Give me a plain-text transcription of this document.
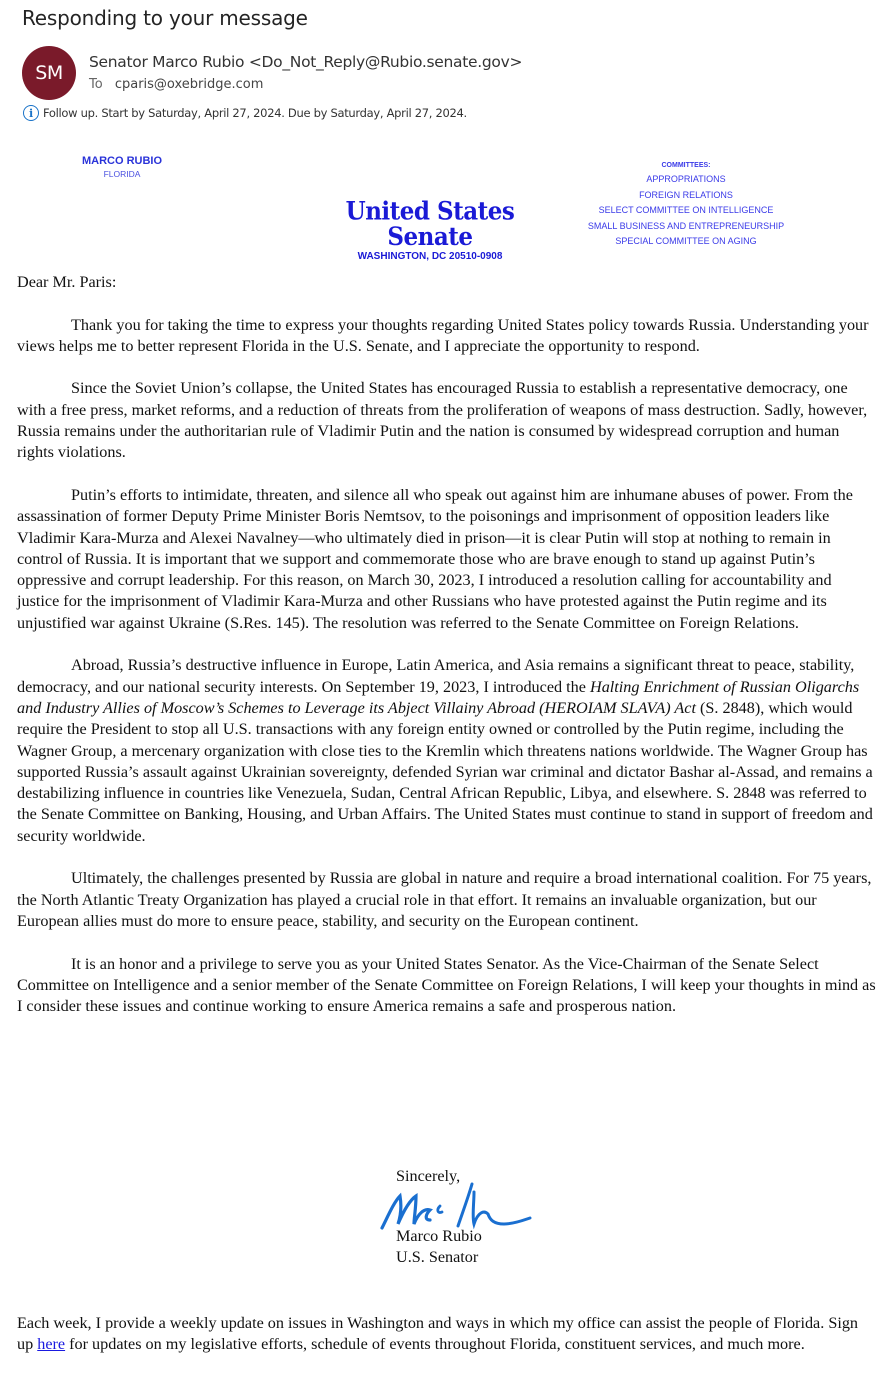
Responding to your message
SM Senator Marco Rubio <Do_Not_Reply@Rubio.senate.gov>
To cparis@oxebridge.com
i Follow up. Start by Saturday, April 27, 2024. Due by Saturday, April 27, 2024.
MARCO RUBIO
FLORIDA
United States Senate
WASHINGTON, DC 20510-0908
COMMITTEES:
APPROPRIATIONS
FOREIGN RELATIONS
SELECT COMMITTEE ON INTELLIGENCE
SMALL BUSINESS AND ENTREPRENEURSHIP
SPECIAL COMMITTEE ON AGING

Dear Mr. Paris:

Thank you for taking the time to express your thoughts regarding United States policy towards Russia. Understanding your views helps me to better represent Florida in the U.S. Senate, and I appreciate the opportunity to respond.

Since the Soviet Union’s collapse, the United States has encouraged Russia to establish a representative democracy, one with a free press, market reforms, and a reduction of threats from the proliferation of weapons of mass destruction. Sadly, however, Russia remains under the authoritarian rule of Vladimir Putin and the nation is consumed by widespread corruption and human rights violations.

Putin’s efforts to intimidate, threaten, and silence all who speak out against him are inhumane abuses of power. From the assassination of former Deputy Prime Minister Boris Nemtsov, to the poisonings and imprisonment of opposition leaders like Vladimir Kara-Murza and Alexei Navalney—who ultimately died in prison—it is clear Putin will stop at nothing to remain in control of Russia. It is important that we support and commemorate those who are brave enough to stand up against Putin’s oppressive and corrupt leadership. For this reason, on March 30, 2023, I introduced a resolution calling for accountability and justice for the imprisonment of Vladimir Kara-Murza and other Russians who have protested against the Putin regime and its unjustified war against Ukraine (S.Res. 145). The resolution was referred to the Senate Committee on Foreign Relations.

Abroad, Russia’s destructive influence in Europe, Latin America, and Asia remains a significant threat to peace, stability, democracy, and our national security interests. On September 19, 2023, I introduced the Halting Enrichment of Russian Oligarchs and Industry Allies of Moscow’s Schemes to Leverage its Abject Villainy Abroad (HEROIAM SLAVA) Act (S. 2848), which would require the President to stop all U.S. transactions with any foreign entity owned or controlled by the Putin regime, including the Wagner Group, a mercenary organization with close ties to the Kremlin which threatens nations worldwide. The Wagner Group has supported Russia’s assault against Ukrainian sovereignty, defended Syrian war criminal and dictator Bashar al-Assad, and remains a destabilizing influence in countries like Venezuela, Sudan, Central African Republic, Libya, and elsewhere. S. 2848 was referred to the Senate Committee on Banking, Housing, and Urban Affairs. The United States must continue to stand in support of freedom and security worldwide.

Ultimately, the challenges presented by Russia are global in nature and require a broad international coalition. For 75 years, the North Atlantic Treaty Organization has played a crucial role in that effort. It remains an invaluable organization, but our European allies must do more to ensure peace, stability, and security on the European continent.

It is an honor and a privilege to serve you as your United States Senator. As the Vice-Chairman of the Senate Select Committee on Intelligence and a senior member of the Senate Committee on Foreign Relations, I will keep your thoughts in mind as I consider these issues and continue working to ensure America remains a safe and prosperous nation.

Sincerely,
Marco Rubio
U.S. Senator
Each week, I provide a weekly update on issues in Washington and ways in which my office can assist the people of Florida. Sign up here for updates on my legislative efforts, schedule of events throughout Florida, constituent services, and much more.
